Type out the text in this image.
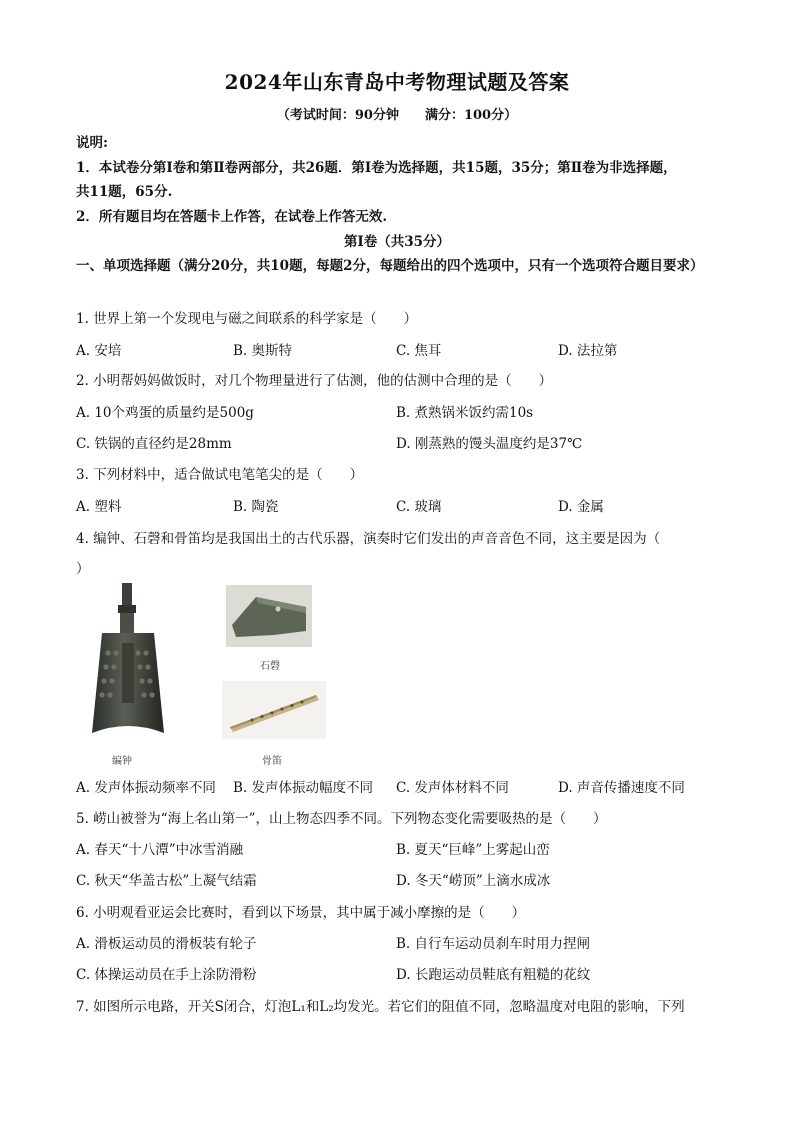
2024年山东青岛中考物理试题及答案
（考试时间：90分钟　　满分：100分）
说明:
1．本试卷分第Ⅰ卷和第Ⅱ卷两部分，共26题．第Ⅰ卷为选择题，共15题，35分；第Ⅱ卷为非选择题，
共11题，65分.
2．所有题目均在答题卡上作答，在试卷上作答无效.
第Ⅰ卷（共35分）
一、单项选择题（满分20分，共10题，每题2分，每题给出的四个选项中，只有一个选项符合题目要求）
1. 世界上第一个发现电与磁之间联系的科学家是（　　）
A. 安培	B. 奥斯特	C. 焦耳	D. 法拉第
2. 小明帮妈妈做饭时，对几个物理量进行了估测，他的估测中合理的是（　　）
A. 10个鸡蛋的质量约是500g	B. 煮熟锅米饭约需10s
C. 铁锅的直径约是28mm	D. 刚蒸熟的馒头温度约是37℃
3. 下列材料中，适合做试电笔笔尖的是（　　）
A. 塑料	B. 陶瓷	C. 玻璃	D. 金属
4. 编钟、石磬和骨笛均是我国出土的古代乐器，演奏时它们发出的声音音色不同，这主要是因为（
）
编钟
石磬
骨笛
A. 发声体振动频率不同 B. 发声体振动幅度不同 C. 发声体材料不同	D. 声音传播速度不同
5. 崂山被誉为“海上名山第一”，山上物态四季不同。下列物态变化需要吸热的是（　　）
A. 春天“十八潭”中冰雪消融	B. 夏天“巨峰”上雾起山峦
C. 秋天“华盖古松”上凝气结霜	D. 冬天“崂顶”上滴水成冰
6. 小明观看亚运会比赛时，看到以下场景，其中属于减小摩擦的是（　　）
A. 滑板运动员的滑板装有轮子	B. 自行车运动员刹车时用力捏闸
C. 体操运动员在手上涂防滑粉	D. 长跑运动员鞋底有粗糙的花纹
7. 如图所示电路，开关S闭合，灯泡L₁和L₂均发光。若它们的阻值不同，忽略温度对电阻的影响，下列
